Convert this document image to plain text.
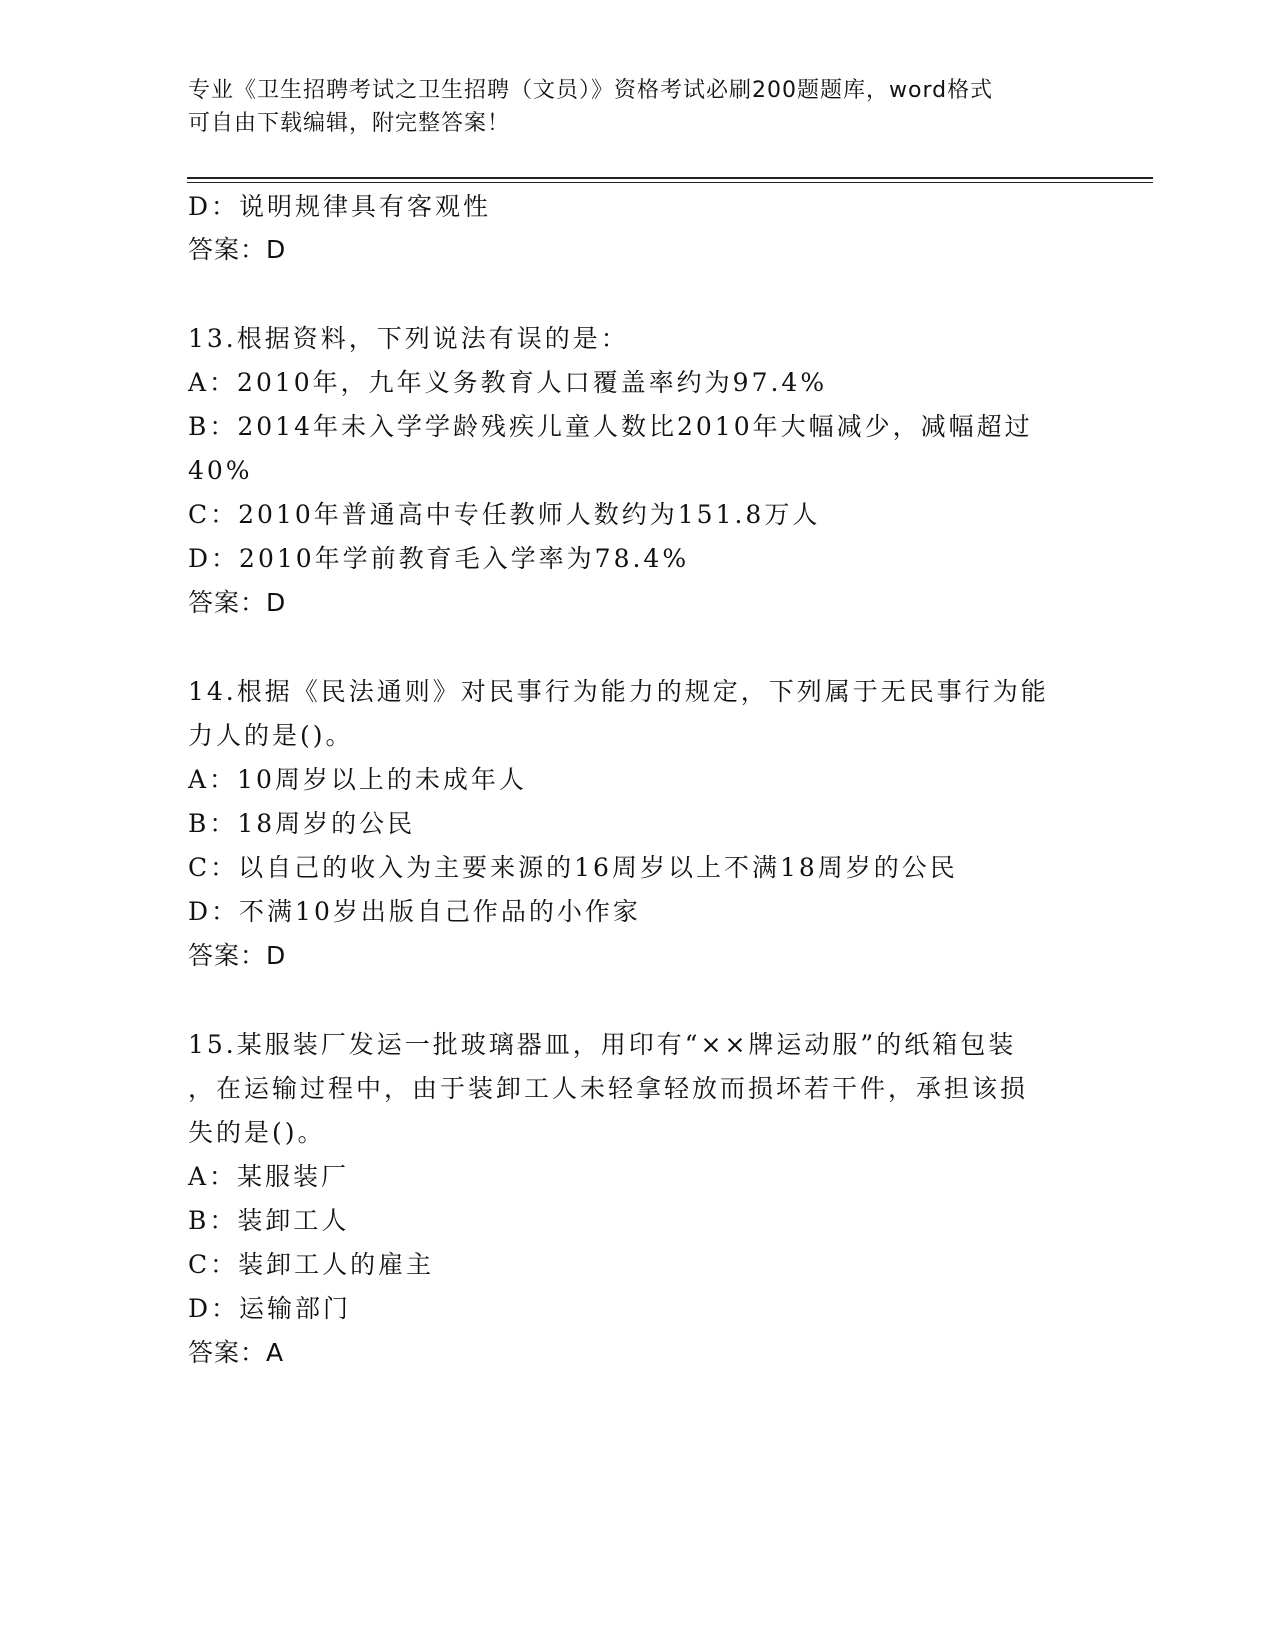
专业《卫生招聘考试之卫生招聘（文员）》资格考试必刷200题题库，word格式
可自由下载编辑，附完整答案！
D：说明规律具有客观性
答案：D
13.根据资料，下列说法有误的是：
A：2010年，九年义务教育人口覆盖率约为97.4%
B：2014年未入学学龄残疾儿童人数比2010年大幅减少，减幅超过
40%
C：2010年普通高中专任教师人数约为151.8万人
D：2010年学前教育毛入学率为78.4%
答案：D
14.根据《民法通则》对民事行为能力的规定，下列属于无民事行为能
力人的是()。
A：10周岁以上的未成年人
B：18周岁的公民
C：以自己的收入为主要来源的16周岁以上不满18周岁的公民
D：不满10岁出版自己作品的小作家
答案：D
15.某服装厂发运一批玻璃器皿，用印有“××牌运动服”的纸箱包装
，在运输过程中，由于装卸工人未轻拿轻放而损坏若干件，承担该损
失的是()。
A：某服装厂
B：装卸工人
C：装卸工人的雇主
D：运输部门
答案：A
